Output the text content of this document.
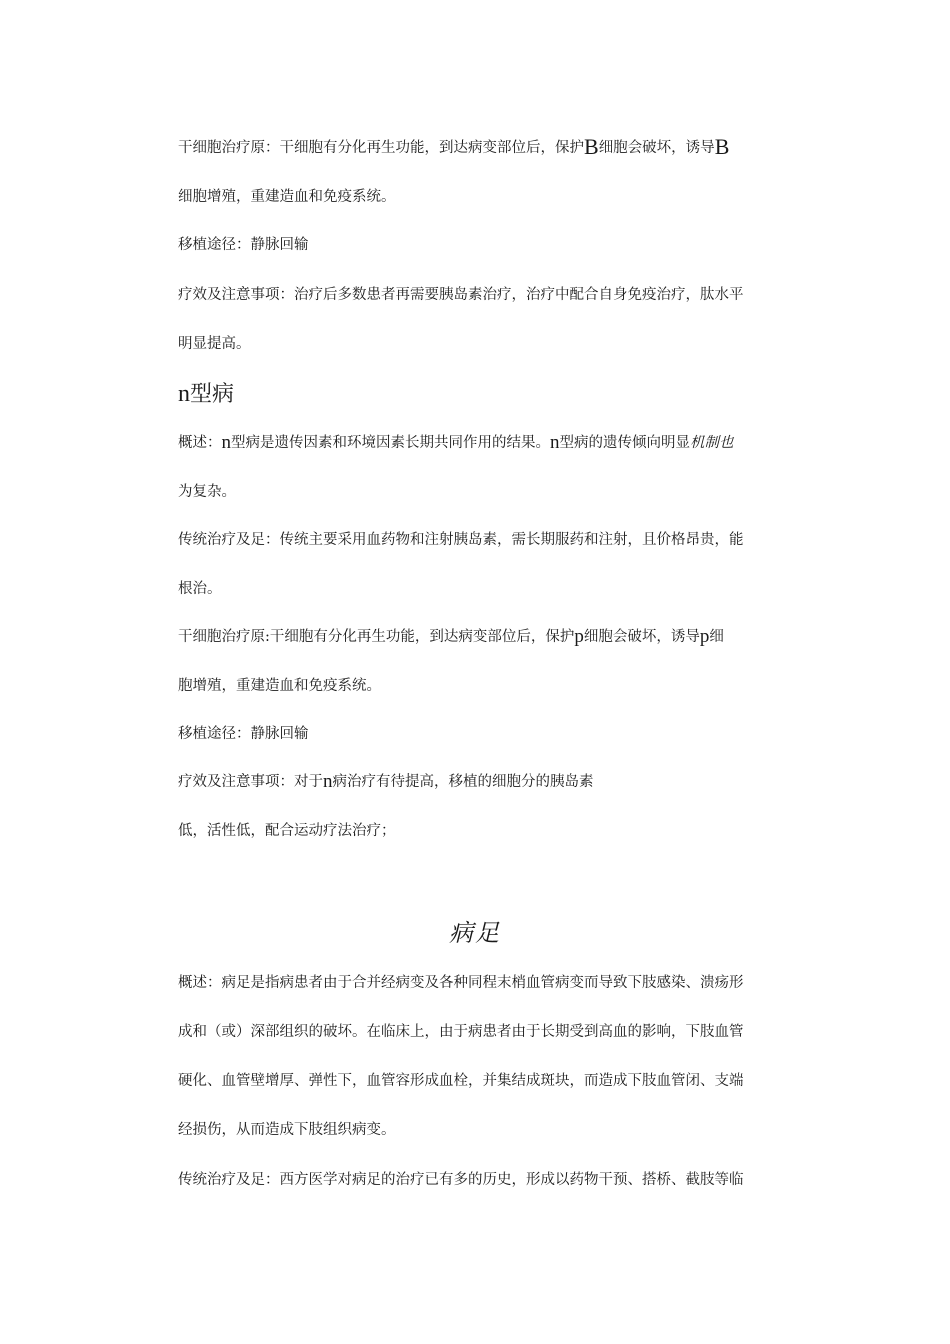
干细胞治疗原：干细胞有分化再生功能，到达病变部位后，保护B细胞会破坏，诱导B
细胞增殖，重建造血和免疫系统。
移植途径：静脉回输
疗效及注意事项：治疗后多数患者再需要胰岛素治疗，治疗中配合自身免疫治疗，肽水平
明显提高。
n型病
概述：n型病是遗传因素和环境因素长期共同作用的结果。n型病的遗传倾向明显机制也
为复杂。
传统治疗及足：传统主要采用血药物和注射胰岛素，需长期服药和注射，且价格昂贵，能
根治。
干细胞治疗原:干细胞有分化再生功能，到达病变部位后，保护p细胞会破坏，诱导p细
胞增殖，重建造血和免疫系统。
移植途径：静脉回输
疗效及注意事项：对于n病治疗有待提高，移植的细胞分的胰岛素
低，活性低，配合运动疗法治疗；
病足
概述：病足是指病患者由于合并经病变及各种同程末梢血管病变而导致下肢感染、溃疡形
成和（或）深部组织的破坏。在临床上，由于病患者由于长期受到高血的影响，下肢血管
硬化、血管壁增厚、弹性下，血管容形成血栓，并集结成斑块，而造成下肢血管闭、支端
经损伤，从而造成下肢组织病变。
传统治疗及足：西方医学对病足的治疗已有多的历史，形成以药物干预、搭桥、截肢等临
